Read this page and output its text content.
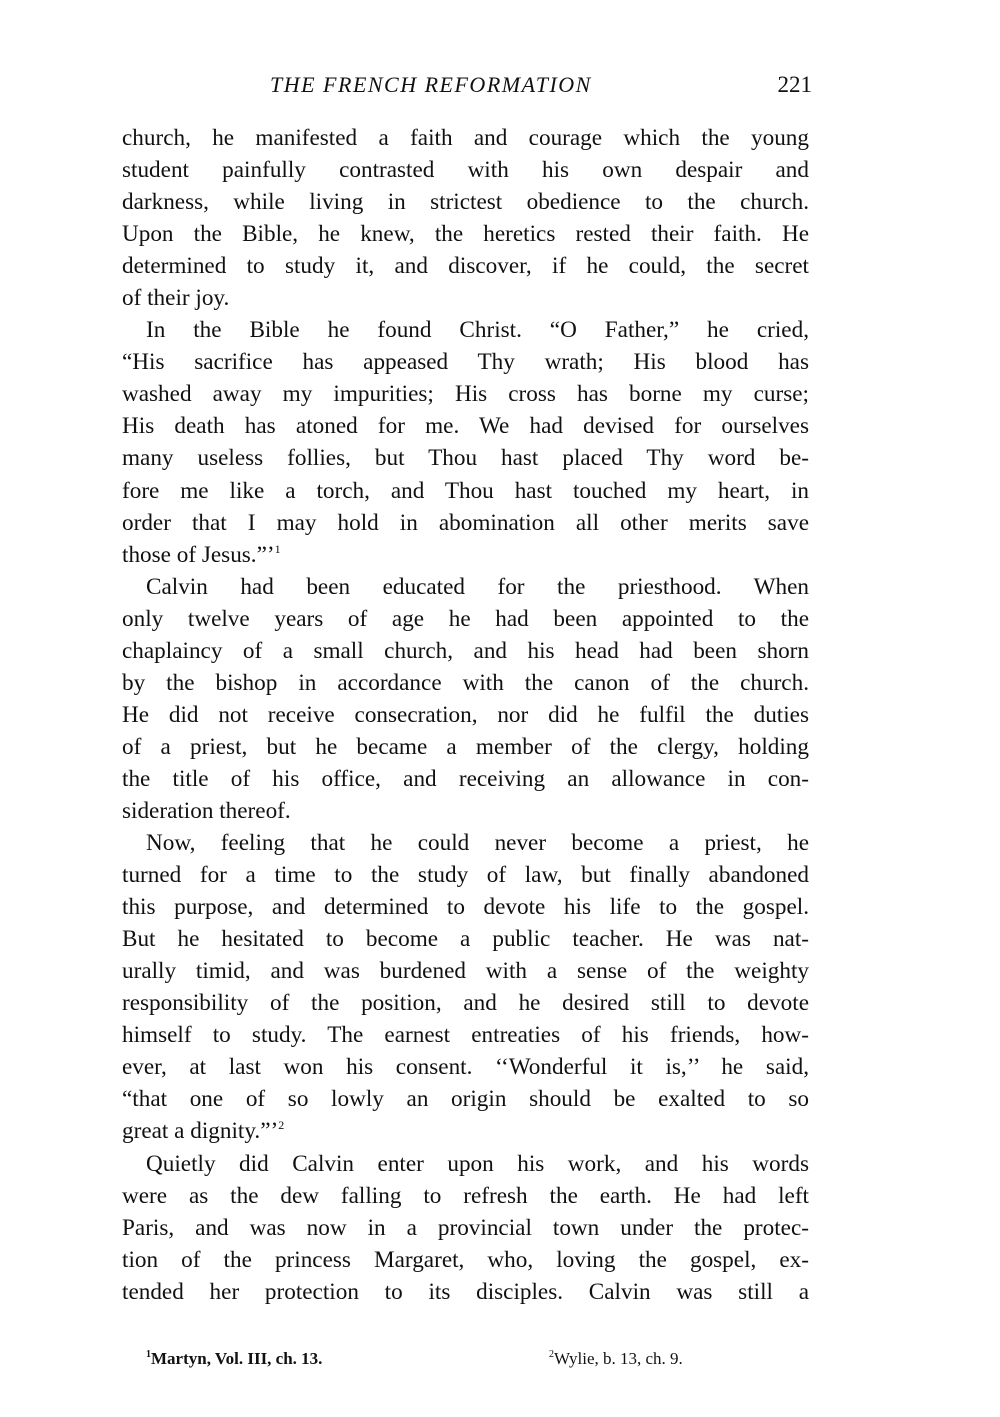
THE FRENCH REFORMATION	221
church, he manifested a faith and courage which the young
student painfully contrasted with his own despair and
darkness, while living in strictest obedience to the church.
Upon the Bible, he knew, the heretics rested their faith. He
determined to study it, and discover, if he could, the secret
of their joy.
In the Bible he found Christ. “O Father,” he cried,
“His sacrifice has appeased Thy wrath; His blood has
washed away my impurities; His cross has borne my curse;
His death has atoned for me. We had devised for ourselves
many useless follies, but Thou hast placed Thy word be-
fore me like a torch, and Thou hast touched my heart, in
order that I may hold in abomination all other merits save
those of Jesus.”’$^1$
Calvin had been educated for the priesthood. When
only twelve years of age he had been appointed to the
chaplaincy of a small church, and his head had been shorn
by the bishop in accordance with the canon of the church.
He did not receive consecration, nor did he fulfil the duties
of a priest, but he became a member of the clergy, holding
the title of his office, and receiving an allowance in con-
sideration thereof.
Now, feeling that he could never become a priest, he
turned for a time to the study of law, but finally abandoned
this purpose, and determined to devote his life to the gospel.
But he hesitated to become a public teacher. He was nat-
urally timid, and was burdened with a sense of the weighty
responsibility of the position, and he desired still to devote
himself to study. The earnest entreaties of his friends, how-
ever, at last won his consent. ‘‘Wonderful it is,’’ he said,
“that one of so lowly an origin should be exalted to so
great a dignity.”’$^2$
Quietly did Calvin enter upon his work, and his words
were as the dew falling to refresh the earth. He had left
Paris, and was now in a provincial town under the protec-
tion of the princess Margaret, who, loving the gospel, ex-
tended her protection to its disciples. Calvin was still a
$^1$Martyn, Vol. III, ch. 13.	$^2$Wylie, b. 13, ch. 9.
